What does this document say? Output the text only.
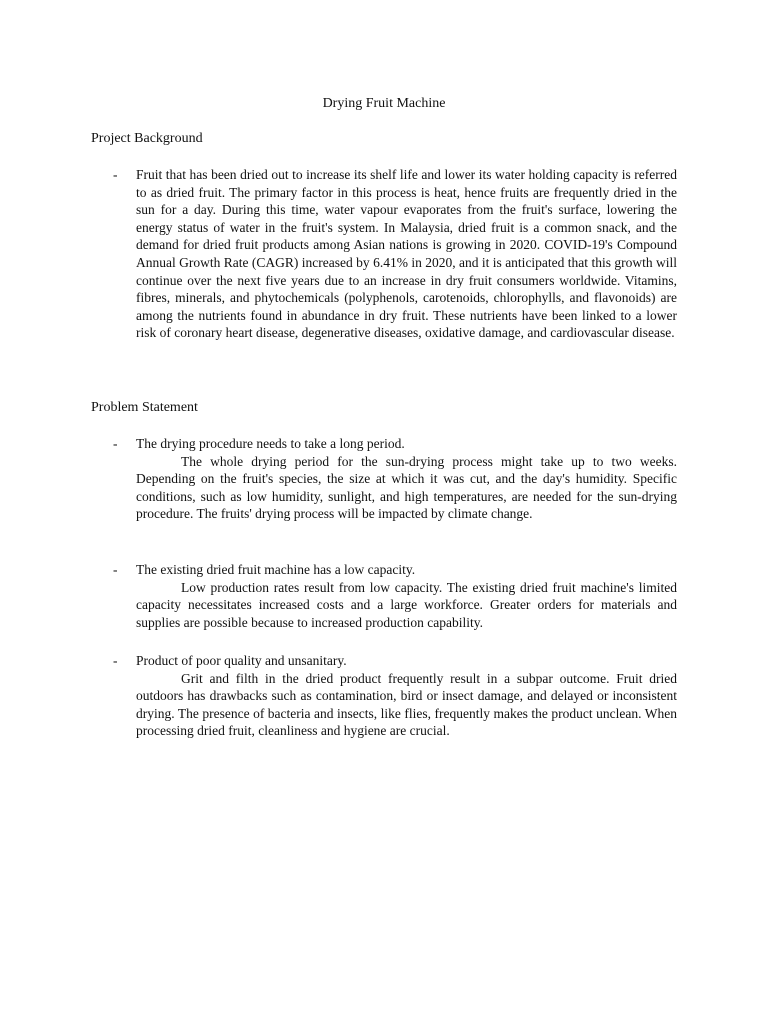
Drying Fruit Machine
Project Background
- Fruit that has been dried out to increase its shelf life and lower its water holding capacity is referred to as dried fruit. The primary factor in this process is heat, hence fruits are frequently dried in the sun for a day. During this time, water vapour evaporates from the fruit's surface, lowering the energy status of water in the fruit's system. In Malaysia, dried fruit is a common snack, and the demand for dried fruit products among Asian nations is growing in 2020. COVID-19's Compound Annual Growth Rate (CAGR) increased by 6.41% in 2020, and it is anticipated that this growth will continue over the next five years due to an increase in dry fruit consumers worldwide. Vitamins, fibres, minerals, and phytochemicals (polyphenols, carotenoids, chlorophylls, and flavonoids) are among the nutrients found in abundance in dry fruit. These nutrients have been linked to a lower risk of coronary heart disease, degenerative diseases, oxidative damage, and cardiovascular disease.

Problem Statement
- The drying procedure needs to take a long period.

The whole drying period for the sun-drying process might take up to two weeks. Depending on the fruit's species, the size at which it was cut, and the day's humidity. Specific conditions, such as low humidity, sunlight, and high temperatures, are needed for the sun-drying procedure. The fruits' drying process will be impacted by climate change.

- The existing dried fruit machine has a low capacity.

Low production rates result from low capacity. The existing dried fruit machine's limited capacity necessitates increased costs and a large workforce. Greater orders for materials and supplies are possible because to increased production capability.

- Product of poor quality and unsanitary.

Grit and filth in the dried product frequently result in a subpar outcome. Fruit dried outdoors has drawbacks such as contamination, bird or insect damage, and delayed or inconsistent drying. The presence of bacteria and insects, like flies, frequently makes the product unclean. When processing dried fruit, cleanliness and hygiene are crucial.
